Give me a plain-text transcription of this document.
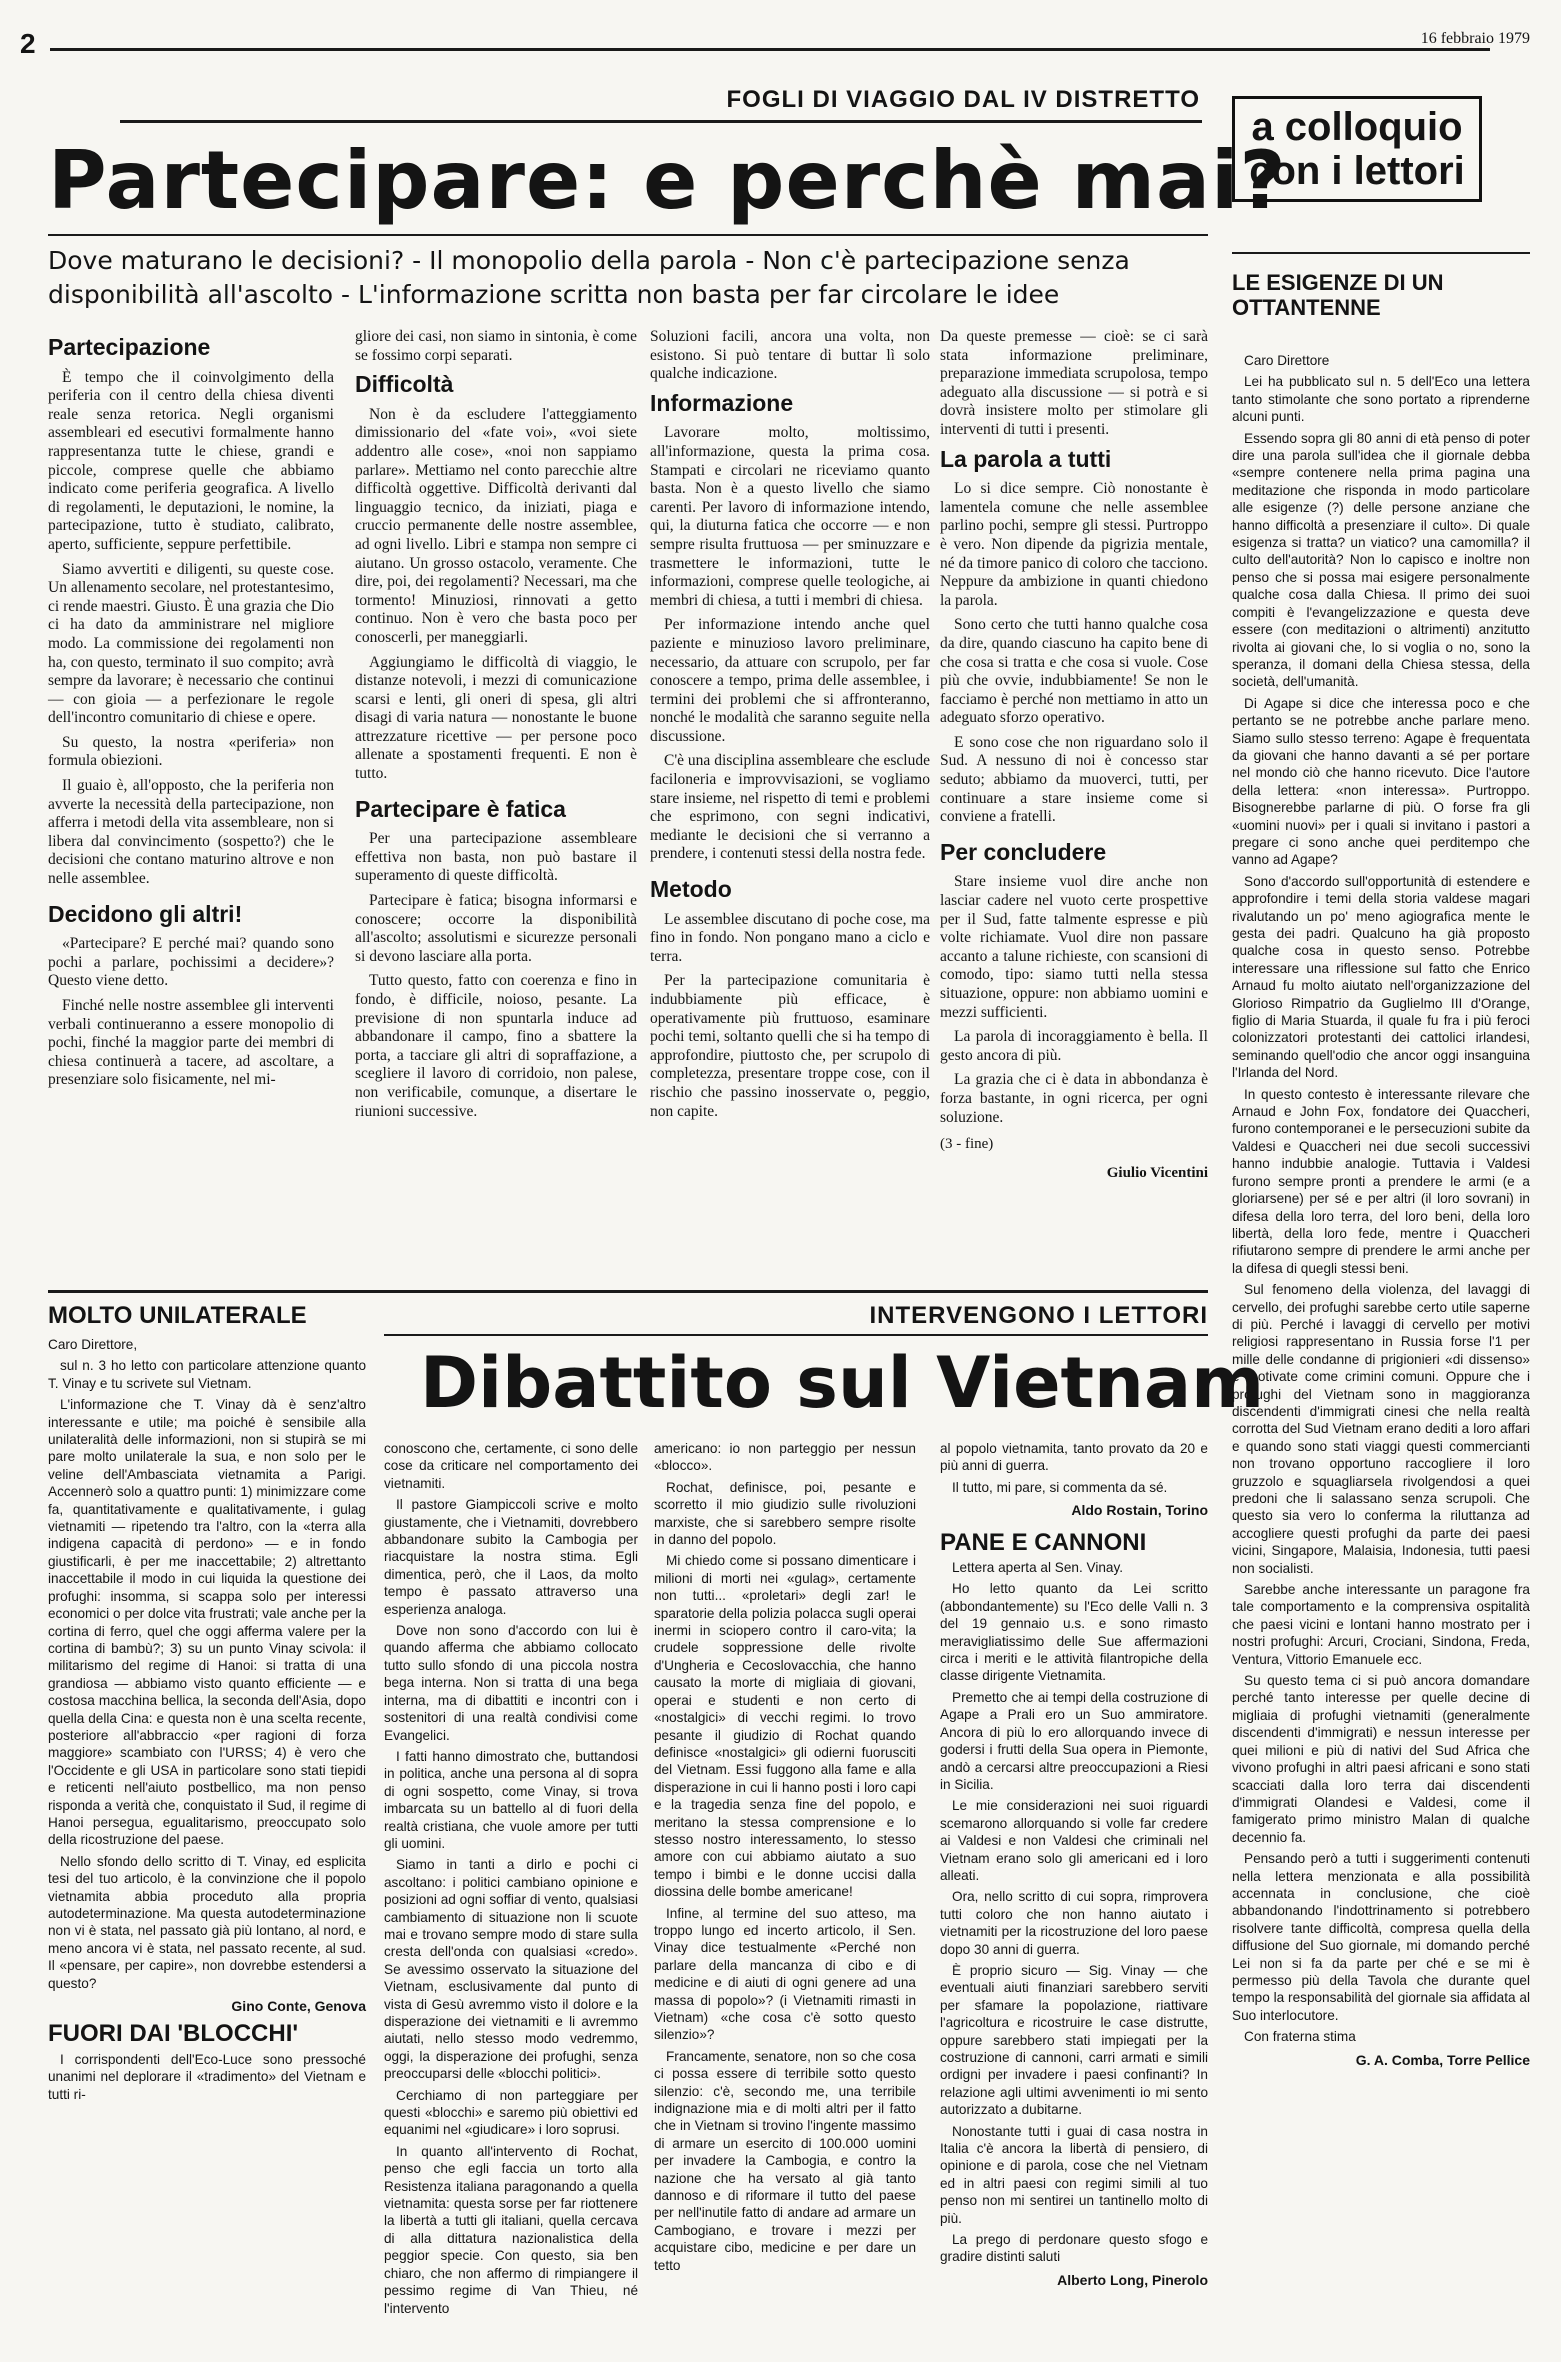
2	16 febbraio 1979
FOGLI DI VIAGGIO DAL IV DISTRETTO
Partecipare: e perchè mai?
Dove maturano le decisioni? - Il monopolio della parola - Non c'è partecipazione senza disponibilità all'ascolto - L'informazione scritta non basta per far circolare le idee
Partecipazione

È tempo che il coinvolgimento della periferia con il centro della chiesa diventi reale senza retorica. Negli organismi assembleari ed esecutivi formalmente hanno rappresentanza tutte le chiese, grandi e piccole, comprese quelle che abbiamo indicato come periferia geografica. A livello di regolamenti, le deputazioni, le nomine, la partecipazione, tutto è studiato, calibrato, aperto, sufficiente, seppure perfettibile.

Siamo avvertiti e diligenti, su queste cose. Un allenamento secolare, nel protestantesimo, ci rende maestri. Giusto. È una grazia che Dio ci ha dato da amministrare nel migliore modo. La commissione dei regolamenti non ha, con questo, terminato il suo compito; avrà sempre da lavorare; è necessario che continui — con gioia — a perfezionare le regole dell'incontro comunitario di chiese e opere.

Su questo, la nostra «periferia» non formula obiezioni.

Il guaio è, all'opposto, che la periferia non avverte la necessità della partecipazione, non afferra i metodi della vita assembleare, non si libera dal convincimento (sospetto?) che le decisioni che contano maturino altrove e non nelle assemblee.

Decidono gli altri!

«Partecipare? E perché mai? quando sono pochi a parlare, pochissimi a decidere»? Questo viene detto.

Finché nelle nostre assemblee gli interventi verbali continueranno a essere monopolio di pochi, finché la maggior parte dei membri di chiesa continuerà a tacere, ad ascoltare, a presenziare solo fisicamente, nel mi-

gliore dei casi, non siamo in sintonia, è come se fossimo corpi separati.

Difficoltà

Non è da escludere l'atteggiamento dimissionario del «fate voi», «voi siete addentro alle cose», «noi non sappiamo parlare». Mettiamo nel conto parecchie altre difficoltà oggettive. Difficoltà derivanti dal linguaggio tecnico, da iniziati, piaga e cruccio permanente delle nostre assemblee, ad ogni livello. Libri e stampa non sempre ci aiutano. Un grosso ostacolo, veramente. Che dire, poi, dei regolamenti? Necessari, ma che tormento! Minuziosi, rinnovati a getto continuo. Non è vero che basta poco per conoscerli, per maneggiarli.

Aggiungiamo le difficoltà di viaggio, le distanze notevoli, i mezzi di comunicazione scarsi e lenti, gli oneri di spesa, gli altri disagi di varia natura — nonostante le buone attrezzature ricettive — per persone poco allenate a spostamenti frequenti. E non è tutto.

Partecipare è fatica

Per una partecipazione assembleare effettiva non basta, non può bastare il superamento di queste difficoltà.

Partecipare è fatica; bisogna informarsi e conoscere; occorre la disponibilità all'ascolto; assolutismi e sicurezze personali si devono lasciare alla porta.

Tutto questo, fatto con coerenza e fino in fondo, è difficile, noioso, pesante. La previsione di non spuntarla induce ad abbandonare il campo, fino a sbattere la porta, a tacciare gli altri di sopraffazione, a scegliere il lavoro di corridoio, non palese, non verificabile, comunque, a disertare le riunioni successive.

Soluzioni facili, ancora una volta, non esistono. Si può tentare di buttar lì solo qualche indicazione.

Informazione

Lavorare molto, moltissimo, all'informazione, questa la prima cosa. Stampati e circolari ne riceviamo quanto basta. Non è a questo livello che siamo carenti. Per lavoro di informazione intendo, qui, la diuturna fatica che occorre — e non sempre risulta fruttuosa — per sminuzzare e trasmettere le informazioni, tutte le informazioni, comprese quelle teologiche, ai membri di chiesa, a tutti i membri di chiesa.

Per informazione intendo anche quel paziente e minuzioso lavoro preliminare, necessario, da attuare con scrupolo, per far conoscere a tempo, prima delle assemblee, i termini dei problemi che si affronteranno, nonché le modalità che saranno seguite nella discussione.

C'è una disciplina assembleare che esclude faciloneria e improvvisazioni, se vogliamo stare insieme, nel rispetto di temi e problemi che esprimono, con segni indicativi, mediante le decisioni che si verranno a prendere, i contenuti stessi della nostra fede.

Metodo

Le assemblee discutano di poche cose, ma fino in fondo. Non pongano mano a ciclo e terra.

Per la partecipazione comunitaria è indubbiamente più efficace, è operativamente più fruttuoso, esaminare pochi temi, soltanto quelli che si ha tempo di approfondire, piuttosto che, per scrupolo di completezza, presentare troppe cose, con il rischio che passino inosservate o, peggio, non capite.

Da queste premesse — cioè: se ci sarà stata informazione preliminare, preparazione immediata scrupolosa, tempo adeguato alla discussione — si potrà e si dovrà insistere molto per stimolare gli interventi di tutti i presenti.

La parola a tutti

Lo si dice sempre. Ciò nonostante è lamentela comune che nelle assemblee parlino pochi, sempre gli stessi. Purtroppo è vero. Non dipende da pigrizia mentale, né da timore panico di coloro che tacciono. Neppure da ambizione in quanti chiedono la parola.

Sono certo che tutti hanno qualche cosa da dire, quando ciascuno ha capito bene di che cosa si tratta e che cosa si vuole. Cose più che ovvie, indubbiamente! Se non le facciamo è perché non mettiamo in atto un adeguato sforzo operativo.

E sono cose che non riguardano solo il Sud. A nessuno di noi è concesso star seduto; abbiamo da muoverci, tutti, per continuare a stare insieme come si conviene a fratelli.

Per concludere

Stare insieme vuol dire anche non lasciar cadere nel vuoto certe prospettive per il Sud, fatte talmente espresse e più volte richiamate. Vuol dire non passare accanto a talune richieste, con scansioni di comodo, tipo: siamo tutti nella stessa situazione, oppure: non abbiamo uomini e mezzi sufficienti.

La parola di incoraggiamento è bella. Il gesto ancora di più.

La grazia che ci è data in abbondanza è forza bastante, in ogni ricerca, per ogni soluzione.

(3 - fine)
Giulio Vicentini
a colloquio
con i lettori
LE ESIGENZE DI UN OTTANTENNE

Caro Direttore

Lei ha pubblicato sul n. 5 dell'Eco una lettera tanto stimolante che sono portato a riprenderne alcuni punti.

Essendo sopra gli 80 anni di età penso di poter dire una parola sull'idea che il giornale debba «sempre contenere nella prima pagina una meditazione che risponda in modo particolare alle esigenze (?) delle persone anziane che hanno difficoltà a presenziare il culto». Di quale esigenza si tratta? un viatico? una camomilla? il culto dell'autorità? Non lo capisco e inoltre non penso che si possa mai esigere personalmente qualche cosa dalla Chiesa. Il primo dei suoi compiti è l'evangelizzazione e questa deve essere (con meditazioni o altrimenti) anzitutto rivolta ai giovani che, lo si voglia o no, sono la speranza, il domani della Chiesa stessa, della società, dell'umanità.

Di Agape si dice che interessa poco e che pertanto se ne potrebbe anche parlare meno. Siamo sullo stesso terreno: Agape è frequentata da giovani che hanno davanti a sé per portare nel mondo ciò che hanno ricevuto. Dice l'autore della lettera: «non interessa». Purtroppo. Bisognerebbe parlarne di più. O forse fra gli «uomini nuovi» per i quali si invitano i pastori a pregare ci sono anche quei perditempo che vanno ad Agape?

Sono d'accordo sull'opportunità di estendere e approfondire i temi della storia valdese magari rivalutando un po' meno agiografica mente le gesta dei padri. Qualcuno ha già proposto qualche cosa in questo senso. Potrebbe interessare una riflessione sul fatto che Enrico Arnaud fu molto aiutato nell'organizzazione del Glorioso Rimpatrio da Guglielmo III d'Orange, figlio di Maria Stuarda, il quale fu fra i più feroci colonizzatori protestanti dei cattolici irlandesi, seminando quell'odio che ancor oggi insanguina l'Irlanda del Nord.

In questo contesto è interessante rilevare che Arnaud e John Fox, fondatore dei Quaccheri, furono contemporanei e le persecuzioni subite da Valdesi e Quaccheri nei due secoli successivi hanno indubbie analogie. Tuttavia i Valdesi furono sempre pronti a prendere le armi (e a gloriarsene) per sé e per altri (il loro sovrani) in difesa della loro terra, del loro beni, della loro libertà, della loro fede, mentre i Quaccheri rifiutarono sempre di prendere le armi anche per la difesa di quegli stessi beni.

Sul fenomeno della violenza, del lavaggi di cervello, dei profughi sarebbe certo utile saperne di più. Perché i lavaggi di cervello per motivi religiosi rappresentano in Russia forse l'1 per mille delle condanne di prigionieri «di dissenso» e motivate come crimini comuni. Oppure che i profughi del Vietnam sono in maggioranza discendenti d'immigrati cinesi che nella realtà corrotta del Sud Vietnam erano dediti a loro affari e quando sono stati viaggi questi commercianti non trovano opportuno raccogliere il loro gruzzolo e squagliarsela rivolgendosi a quei predoni che li salassano senza scrupoli. Che questo sia vero lo conferma la riluttanza ad accogliere questi profughi da parte dei paesi vicini, Singapore, Malaisia, Indonesia, tutti paesi non socialisti.

Sarebbe anche interessante un paragone fra tale comportamento e la comprensiva ospitalità che paesi vicini e lontani hanno mostrato per i nostri profughi: Arcuri, Crociani, Sindona, Freda, Ventura, Vittorio Emanuele ecc.

Su questo tema ci si può ancora domandare perché tanto interesse per quelle decine di migliaia di profughi vietnamiti (generalmente discendenti d'immigrati) e nessun interesse per quei milioni e più di nativi del Sud Africa che vivono profughi in altri paesi africani e sono stati scacciati dalla loro terra dai discendenti d'immigrati Olandesi e Valdesi, come il famigerato primo ministro Malan di qualche decennio fa.

Pensando però a tutti i suggerimenti contenuti nella lettera menzionata e alla possibilità accennata in conclusione, che cioè abbandonando l'indottrinamento si potrebbero risolvere tante difficoltà, compresa quella della diffusione del Suo giornale, mi domando perché Lei non si fa da parte per ché e se mi è permesso più della Tavola che durante quel tempo la responsabilità del giornale sia affidata al Suo interlocutore.

Con fraterna stima

G. A. Comba, Torre Pellice
MOLTO UNILATERALE	INTERVENGONO I LETTORI
Dibattito sul Vietnam

Caro Direttore,

sul n. 3 ho letto con particolare attenzione quanto T. Vinay e tu scrivete sul Vietnam.

L'informazione che T. Vinay dà è senz'altro interessante e utile; ma poiché è sensibile alla unilateralità delle informazioni, non si stupirà se mi pare molto unilaterale la sua, e non solo per le veline dell'Ambasciata vietnamita a Parigi. Accennerò solo a quattro punti: 1) minimizzare come fa, quantitativamente e qualitativamente, i gulag vietnamiti — ripetendo tra l'altro, con la «terra alla indigena capacità di perdono» — e in fondo giustificarli, è per me inaccettabile; 2) altrettanto inaccettabile il modo in cui liquida la questione dei profughi: insomma, si scappa solo per interessi economici o per dolce vita frustrati; vale anche per la cortina di ferro, quel che oggi afferma valere per la cortina di bambù?; 3) su un punto Vinay scivola: il militarismo del regime di Hanoi: si tratta di una grandiosa — abbiamo visto quanto efficiente — e costosa macchina bellica, la seconda dell'Asia, dopo quella della Cina: e questa non è una scelta recente, posteriore all'abbraccio «per ragioni di forza maggiore» scambiato con l'URSS; 4) è vero che l'Occidente e gli USA in particolare sono stati tiepidi e reticenti nell'aiuto postbellico, ma non penso risponda a verità che, conquistato il Sud, il regime di Hanoi persegua, egualitarismo, preoccupato solo della ricostruzione del paese.

Nello sfondo dello scritto di T. Vinay, ed esplicita tesi del tuo articolo, è la convinzione che il popolo vietnamita abbia proceduto alla propria autodeterminazione. Ma questa autodeterminazione non vi è stata, nel passato già più lontano, al nord, e meno ancora vi è stata, nel passato recente, al sud. Il «pensare, per capire», non dovrebbe estendersi a questo?

Gino Conte, Genova
FUORI DAI 'BLOCCHI'

I corrispondenti dell'Eco-Luce sono pressoché unanimi nel deplorare il «tradimento» del Vietnam e tutti ri-

conoscono che, certamente, ci sono delle cose da criticare nel comportamento dei vietnamiti.

Il pastore Giampiccoli scrive e molto giustamente, che i Vietnamiti, dovrebbero abbandonare subito la Cambogia per riacquistare la nostra stima. Egli dimentica, però, che il Laos, da molto tempo è passato attraverso una esperienza analoga.

Dove non sono d'accordo con lui è quando afferma che abbiamo collocato tutto sullo sfondo di una piccola nostra bega interna. Non si tratta di una bega interna, ma di dibattiti e incontri con i sostenitori di una realtà condivisi come Evangelici.

I fatti hanno dimostrato che, buttandosi in politica, anche una persona al di sopra di ogni sospetto, come Vinay, si trova imbarcata su un battello al di fuori della realtà cristiana, che vuole amore per tutti gli uomini.

Siamo in tanti a dirlo e pochi ci ascoltano: i politici cambiano opinione e posizioni ad ogni soffiar di vento, qualsiasi cambiamento di situazione non li scuote mai e trovano sempre modo di stare sulla cresta dell'onda con qualsiasi «credo». Se avessimo osservato la situazione del Vietnam, esclusivamente dal punto di vista di Gesù avremmo visto il dolore e la disperazione dei vietnamiti e li avremmo aiutati, nello stesso modo vedremmo, oggi, la disperazione dei profughi, senza preoccuparsi delle «blocchi politici».

Cerchiamo di non parteggiare per questi «blocchi» e saremo più obiettivi ed equanimi nel «giudicare» i loro soprusi.

In quanto all'intervento di Rochat, penso che egli faccia un torto alla Resistenza italiana paragonando a quella vietnamita: questa sorse per far riottenere la libertà a tutti gli italiani, quella cercava di alla dittatura nazionalistica della peggior specie. Con questo, sia ben chiaro, che non affermo di rimpiangere il pessimo regime di Van Thieu, né l'intervento

americano: io non parteggio per nessun «blocco».

Rochat, definisce, poi, pesante e scorretto il mio giudizio sulle rivoluzioni marxiste, che si sarebbero sempre risolte in danno del popolo.

Mi chiedo come si possano dimenticare i milioni di morti nei «gulag», certamente non tutti... «proletari» degli zar! le sparatorie della polizia polacca sugli operai inermi in sciopero contro il caro-vita; la crudele soppressione delle rivolte d'Ungheria e Cecoslovacchia, che hanno causato la morte di migliaia di giovani, operai e studenti e non certo di «nostalgici» di vecchi regimi. Io trovo pesante il giudizio di Rochat quando definisce «nostalgici» gli odierni fuorusciti del Vietnam. Essi fuggono alla fame e alla disperazione in cui li hanno posti i loro capi e la tragedia senza fine del popolo, e meritano la stessa comprensione e lo stesso nostro interessamento, lo stesso amore con cui abbiamo aiutato a suo tempo i bimbi e le donne uccisi dalla diossina delle bombe americane!

Infine, al termine del suo atteso, ma troppo lungo ed incerto articolo, il Sen. Vinay dice testualmente «Perché non parlare della mancanza di cibo e di medicine e di aiuti di ogni genere ad una massa di popolo»? (i Vietnamiti rimasti in Vietnam) «che cosa c'è sotto questo silenzio»?

Francamente, senatore, non so che cosa ci possa essere di terribile sotto questo silenzio: c'è, secondo me, una terribile indignazione mia e di molti altri per il fatto che in Vietnam si trovino l'ingente massimo di armare un esercito di 100.000 uomini per invadere la Cambogia, e contro la nazione che ha versato al già tanto dannoso e di riformare il tutto del paese per nell'inutile fatto di andare ad armare un Cambogiano, e trovare i mezzi per acquistare cibo, medicine e per dare un tetto

al popolo vietnamita, tanto provato da 20 e più anni di guerra.

Il tutto, mi pare, si commenta da sé.

Aldo Rostain, Torino
PANE E CANNONI

Lettera aperta al Sen. Vinay.

Ho letto quanto da Lei scritto (abbondantemente) su l'Eco delle Valli n. 3 del 19 gennaio u.s. e sono rimasto meravigliatissimo delle Sue affermazioni circa i meriti e le attività filantropiche della classe dirigente Vietnamita.

Premetto che ai tempi della costruzione di Agape a Prali ero un Suo ammiratore. Ancora di più lo ero allorquando invece di godersi i frutti della Sua opera in Piemonte, andò a cercarsi altre preoccupazioni a Riesi in Sicilia.

Le mie considerazioni nei suoi riguardi scemarono allorquando si volle far credere ai Valdesi e non Valdesi che criminali nel Vietnam erano solo gli americani ed i loro alleati.

Ora, nello scritto di cui sopra, rimprovera tutti coloro che non hanno aiutato i vietnamiti per la ricostruzione del loro paese dopo 30 anni di guerra.

È proprio sicuro — Sig. Vinay — che eventuali aiuti finanziari sarebbero serviti per sfamare la popolazione, riattivare l'agricoltura e ricostruire le case distrutte, oppure sarebbero stati impiegati per la costruzione di cannoni, carri armati e simili ordigni per invadere i paesi confinanti? In relazione agli ultimi avvenimenti io mi sento autorizzato a dubitarne.

Nonostante tutti i guai di casa nostra in Italia c'è ancora la libertà di pensiero, di opinione e di parola, cose che nel Vietnam ed in altri paesi con regimi simili al tuo penso non mi sentirei un tantinello molto di più.

La prego di perdonare questo sfogo e gradire distinti saluti

Alberto Long, Pinerolo
